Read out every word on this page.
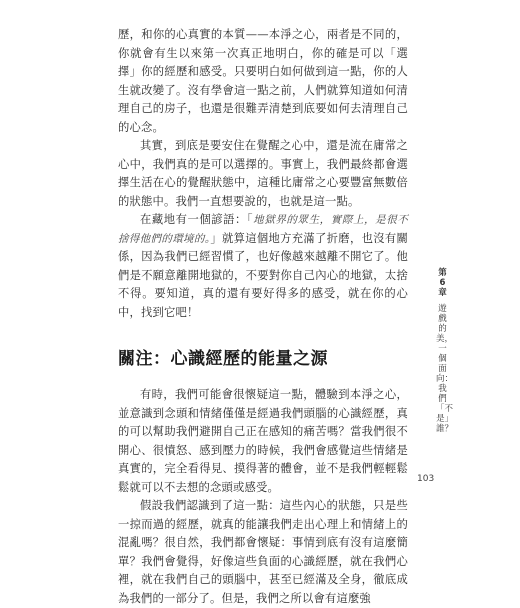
歷，和你的心真實的本質——本淨之心，兩者是不同的，你就會有生以來第一次真正地明白，你的確是可以「選擇」你的經歷和感受。只要明白如何做到這一點，你的人生就改變了。沒有學會這一點之前，人們就算知道如何清理自己的房子，也還是很難弄清楚到底要如何去清理自己的心念。

其實，到底是要安住在覺醒之心中，還是流在庸常之心中，我們真的是可以選擇的。事實上，我們最終都會選擇生活在心的覺醒狀態中，這種比庸常之心要豐富無數倍的狀態中。我們一直想要說的，也就是這一點。

在藏地有一個諺語：「地獄界的眾生，實際上，是很不捨得他們的環境的。」就算這個地方充滿了折磨，也沒有關係，因為我們已經習慣了，也好像越來越離不開它了。他們是不願意離開地獄的，不要對你自己內心的地獄，太捨不得。要知道，真的還有要好得多的感受，就在你的心中，找到它吧！

關注：心識經歷的能量之源

有時，我們可能會很懷疑這一點，體驗到本淨之心，並意識到念頭和情緒僅僅是經過我們頭腦的心識經歷，真的可以幫助我們避開自己正在感知的痛苦嗎？當我們很不開心、很憤怒、感到壓力的時候，我們會感覺這些情緒是真實的，完全看得見、摸得著的體會，並不是我們輕輕鬆鬆就可以不去想的念頭或感受。

假設我們認識到了這一點：這些內心的狀態，只是些一掠而過的經歷，就真的能讓我們走出心理上和情緒上的混亂嗎？很自然，我們都會懷疑：事情到底有沒有這麼簡單？我們會覺得，好像這些負面的心識經歷，就在我們心裡，就在我們自己的頭腦中，甚至已經滿及全身，徹底成為我們的一部分了。但是，我們之所以會有這麼強

第6章
遊戲的美，一個面向：我們「不是」誰？
103
